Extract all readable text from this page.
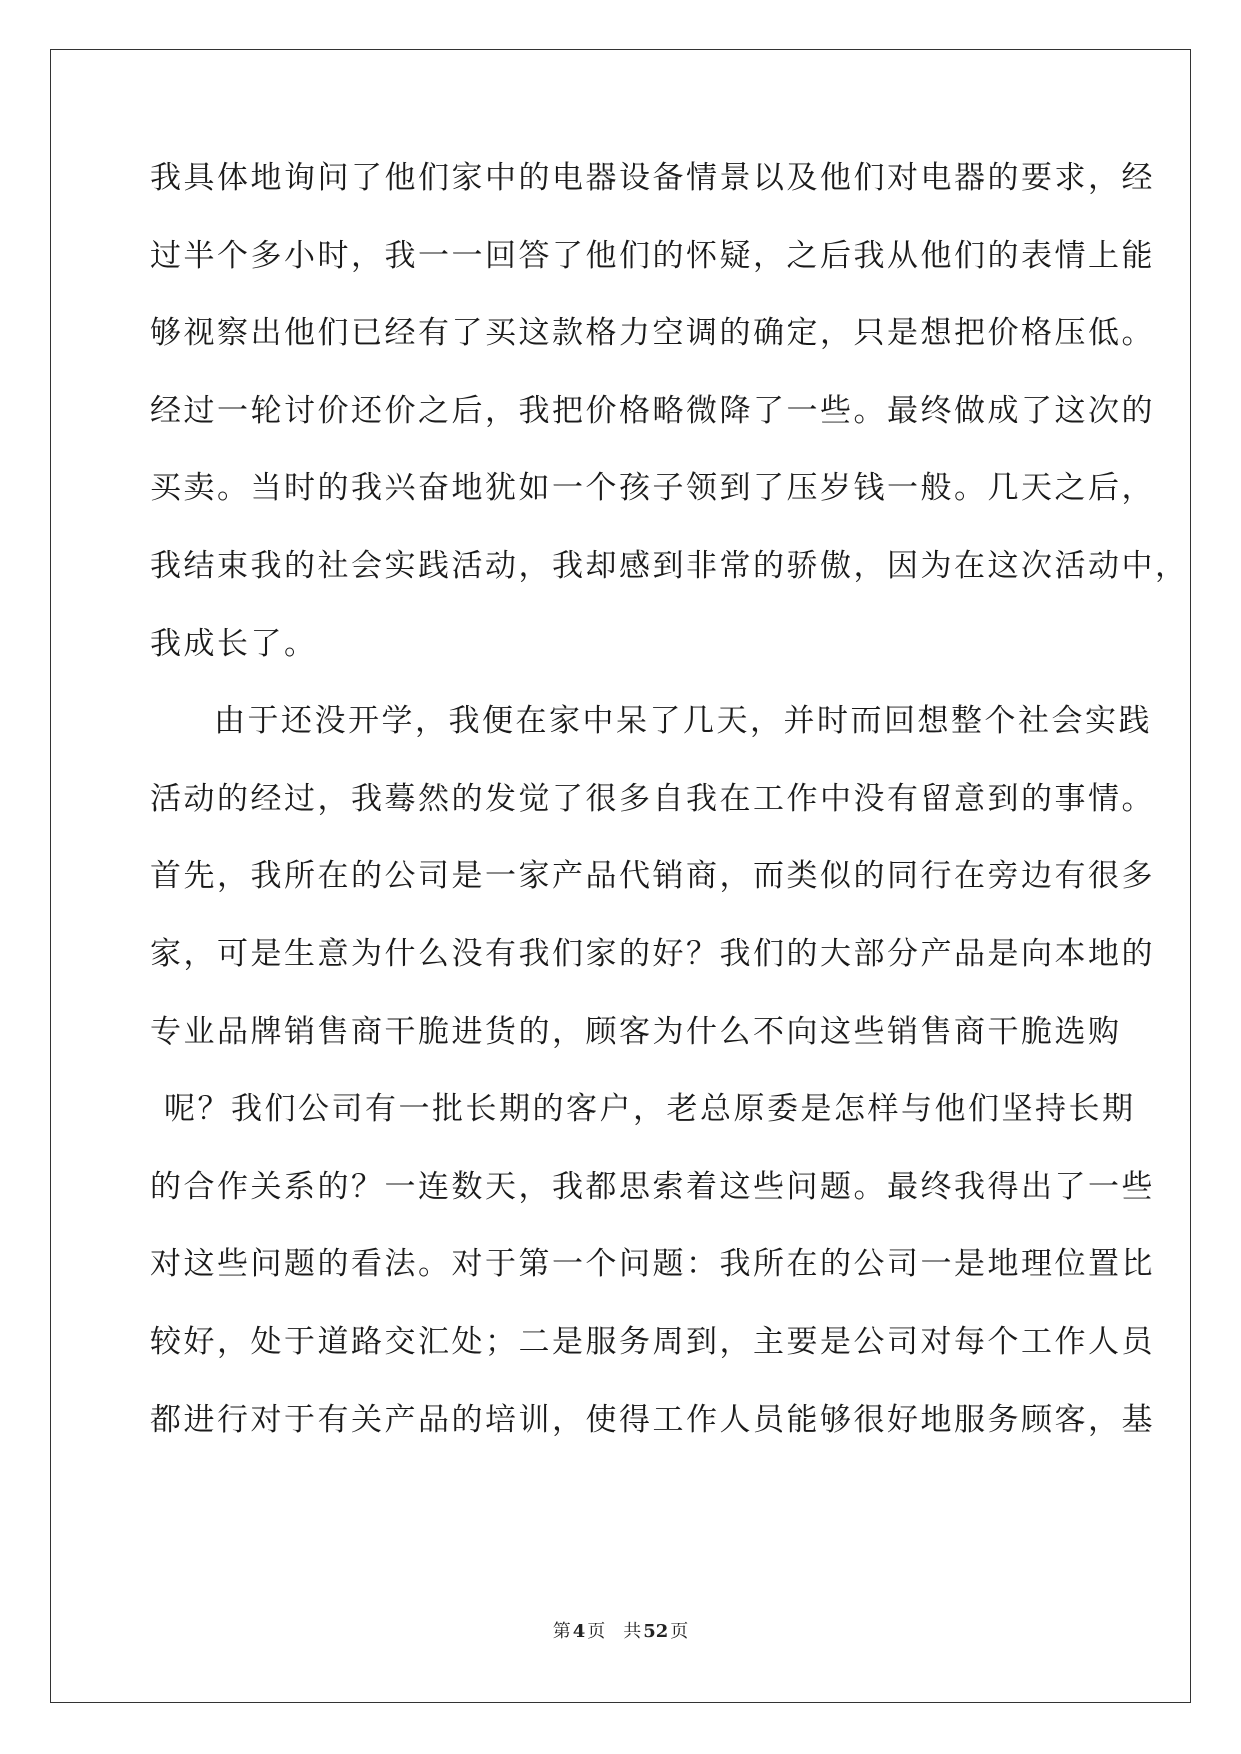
我具体地询问了他们家中的电器设备情景以及他们对电器的要求，经
过半个多小时，我一一回答了他们的怀疑，之后我从他们的表情上能
够视察出他们已经有了买这款格力空调的确定，只是想把价格压低。
经过一轮讨价还价之后，我把价格略微降了一些。最终做成了这次的
买卖。当时的我兴奋地犹如一个孩子领到了压岁钱一般。几天之后，
我结束我的社会实践活动，我却感到非常的骄傲，因为在这次活动中，
我成长了。
由于还没开学，我便在家中呆了几天，并时而回想整个社会实践
活动的经过，我蓦然的发觉了很多自我在工作中没有留意到的事情。
首先，我所在的公司是一家产品代销商，而类似的同行在旁边有很多
家，可是生意为什么没有我们家的好？我们的大部分产品是向本地的
专业品牌销售商干脆进货的，顾客为什么不向这些销售商干脆选购
呢？我们公司有一批长期的客户，老总原委是怎样与他们坚持长期
的合作关系的？一连数天，我都思索着这些问题。最终我得出了一些
对这些问题的看法。对于第一个问题：我所在的公司一是地理位置比
较好，处于道路交汇处；二是服务周到，主要是公司对每个工作人员
都进行对于有关产品的培训，使得工作人员能够很好地服务顾客，基
第 4 页 共 52 页
